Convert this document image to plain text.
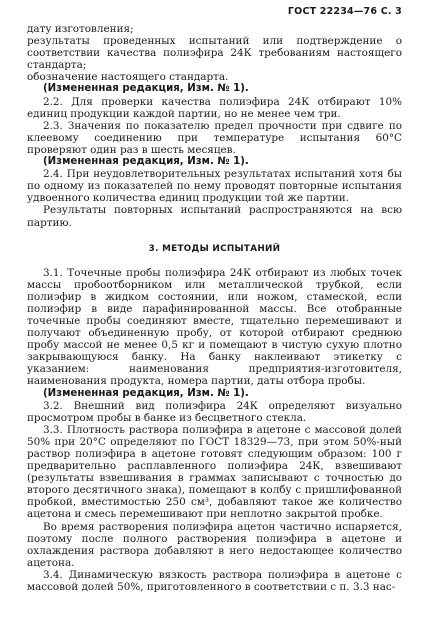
ГОСТ 22234—76 С. 3
дату изготовления;
результаты проведенных испытаний или подтверждение о соответствии качества полиэфира 24К требованиям настоящего стандарта;
обозначение настоящего стандарта.
(Измененная редакция, Изм. № 1).
2.2. Для проверки качества полиэфира 24К отбирают 10% единиц продукции каждой партии, но не менее чем три.
2.3. Значения по показателю предел прочности при сдвиге по клеевому соединению при температуре испытания 60°С проверяют один раз в шесть месяцев.
(Измененная редакция, Изм. № 1).
2.4. При неудовлетворительных результатах испытаний хотя бы по одному из показателей по нему проводят повторные испытания удвоенного количества единиц продукции той же партии.
Результаты повторных испытаний распространяются на всю партию.
3. МЕТОДЫ ИСПЫТАНИЙ
3.1. Точечные пробы полиэфира 24К отбирают из любых точек массы пробоотборником или металлической трубкой, если полиэфир в жидком состоянии, или ножом, стамеской, если полиэфир в виде парафинированной массы. Все отобранные точечные пробы соединяют вместе, тщательно перемешивают и получают объединенную пробу, от которой отбирают среднюю пробу массой не менее 0,5 кг и помещают в чистую сухую плотно закрывающуюся банку. На банку наклеивают этикетку с указанием: наименования предприятия-изготовителя, наименования продукта, номера партии, даты отбора пробы.
(Измененная редакция, Изм. № 1).
3.2. Внешний вид полиэфира 24К определяют визуально просмотром пробы в банке из бесцветного стекла.
3.3. Плотность раствора полиэфира в ацетоне с массовой долей 50% при 20°С определяют по ГОСТ 18329—73, при этом 50%-ный раствор полиэфира в ацетоне готовят следующим образом: 100 г предварительно расплавленного полиэфира 24К, взвешивают (результаты взвешивания в граммах записывают с точностью до второго десятичного знака), помещают в колбу с пришлифованной пробкой, вместимостью 250 см³, добавляют такое же количество ацетона и смесь перемешивают при неплотно закрытой пробке.
Во время растворения полиэфира ацетон частично испаряется, поэтому после полного растворения полиэфира в ацетоне и охлаждения раствора добавляют в него недостающее количество ацетона.
3.4. Динамическую вязкость раствора полиэфира в ацетоне с массовой долей 50%, приготовленного в соответствии с п. 3.3 нас-
